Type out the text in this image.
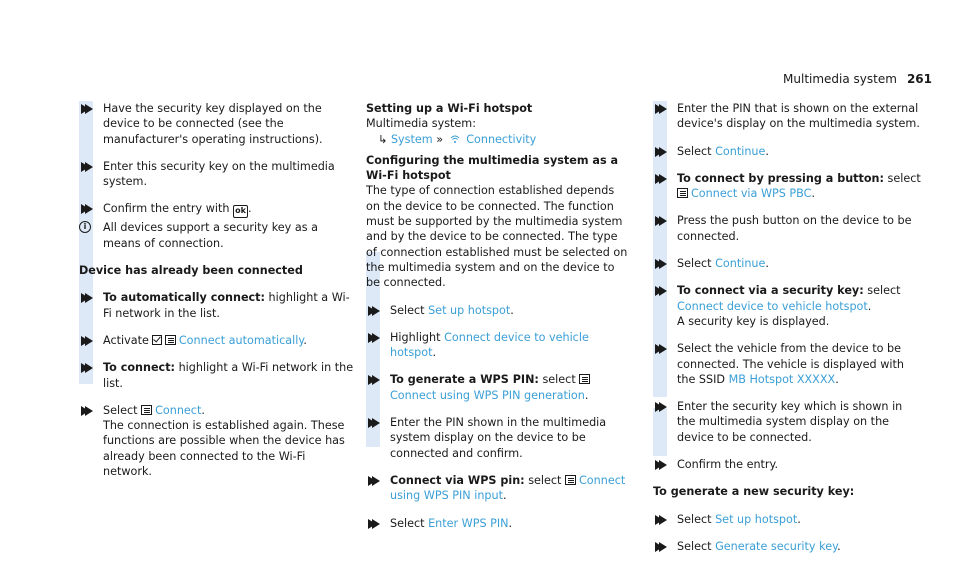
Multimedia system 261
Have the security key displayed on the device to be connected (see the manufacturer's operating instructions).
Enter this security key on the multimedia system.
Confirm the entry with ok .
i	All devices support a security key as a means of connection.
Device has already been connected
To automatically connect: highlight a Wi-Fi network in the list.
Activate	Connect automatically.
To connect: highlight a Wi-Fi network in the list.
Select Connect.
The connection is established again. These functions are possible when the device has already been connected to the Wi-Fi network.
Setting up a Wi-Fi hotspot
Multimedia system:
↳ System » Connectivity
Configuring the multimedia system as a Wi-Fi hotspot
The type of connection established depends on the device to be connected. The function must be supported by the multimedia system and by the device to be connected. The type of connection established must be selected on the multimedia system and on the device to be connected.
Select Set up hotspot.
Highlight Connect device to vehicle hotspot.
To generate a WPS PIN: select
Connect using WPS PIN generation.
Enter the PIN shown in the multimedia system display on the device to be connected and confirm.
Connect via WPS pin: select Connect using WPS PIN input.
Select Enter WPS PIN.
Enter the PIN that is shown on the external device's display on the multimedia system.
Select Continue.
To connect by pressing a button: select

Connect via WPS PBC.
Press the push button on the device to be connected.
Select Continue.
To connect via a security key: select Connect device to vehicle hotspot.
A security key is displayed.
Select the vehicle from the device to be connected. The vehicle is displayed with the SSID MB Hotspot XXXXX.
Enter the security key which is shown in the multimedia system display on the device to be connected.
Confirm the entry.
To generate a new security key:
Select Set up hotspot.
Select Generate security key.
